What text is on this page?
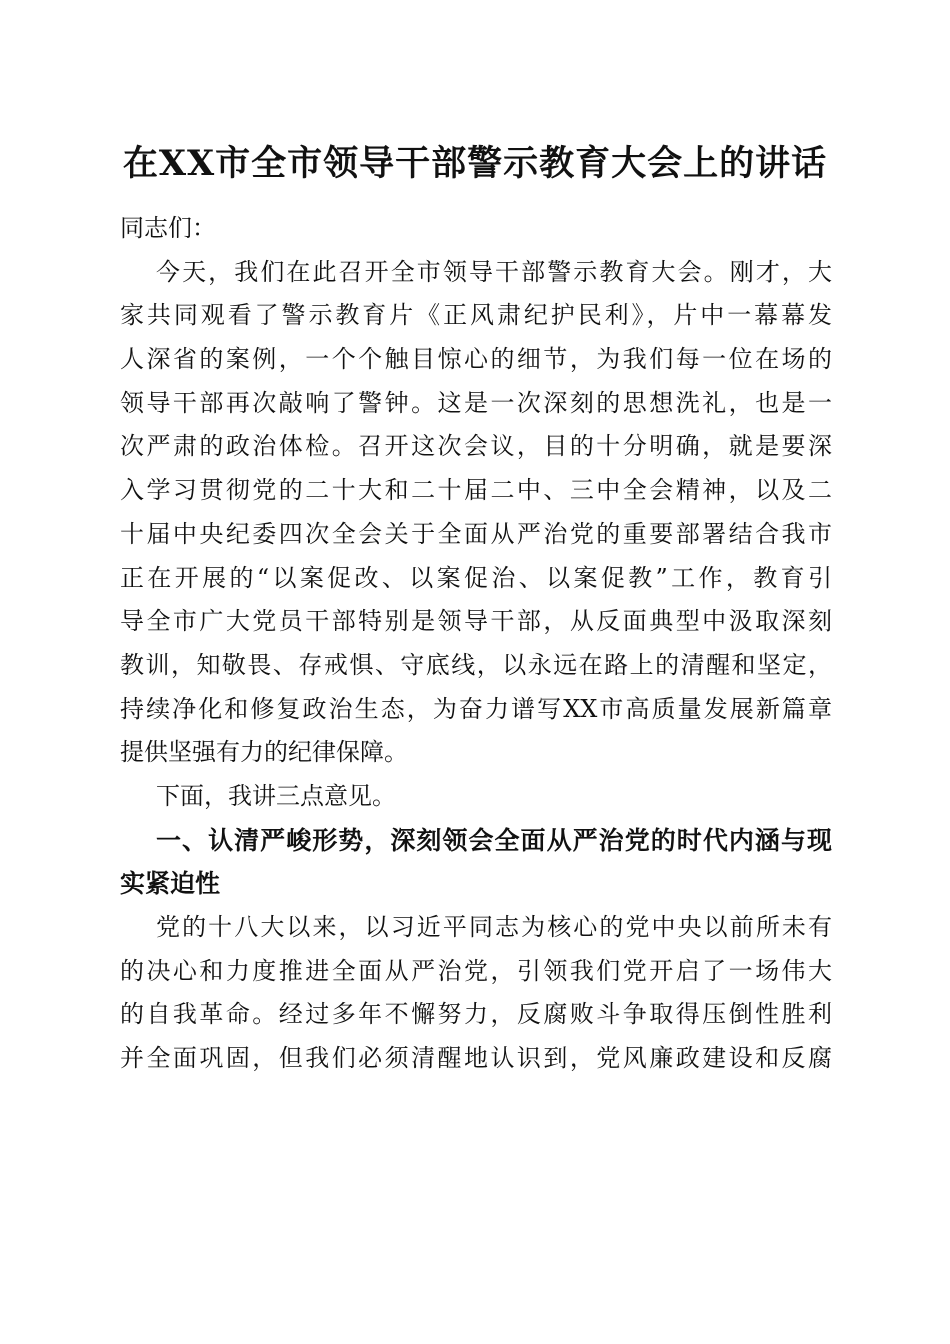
在XX市全市领导干部警示教育大会上的讲话
同志们：
今天，我们在此召开全市领导干部警示教育大会。刚才，大
家共同观看了警示教育片《正风肃纪护民利》，片中一幕幕发
人深省的案例，一个个触目惊心的细节，为我们每一位在场的
领导干部再次敲响了警钟。这是一次深刻的思想洗礼，也是一
次严肃的政治体检。召开这次会议，目的十分明确，就是要深
入学习贯彻党的二十大和二十届二中、三中全会精神，以及二
十届中央纪委四次全会关于全面从严治党的重要部署结合我市
正在开展的“以案促改、以案促治、以案促教”工作，教育引
导全市广大党员干部特别是领导干部，从反面典型中汲取深刻
教训，知敬畏、存戒惧、守底线，以永远在路上的清醒和坚定，
持续净化和修复政治生态，为奋力谱写XX市高质量发展新篇章
提供坚强有力的纪律保障。
下面，我讲三点意见。
一、认清严峻形势，深刻领会全面从严治党的时代内涵与现
实紧迫性
党的十八大以来，以习近平同志为核心的党中央以前所未有
的决心和力度推进全面从严治党，引领我们党开启了一场伟大
的自我革命。经过多年不懈努力，反腐败斗争取得压倒性胜利
并全面巩固，但我们必须清醒地认识到，党风廉政建设和反腐
